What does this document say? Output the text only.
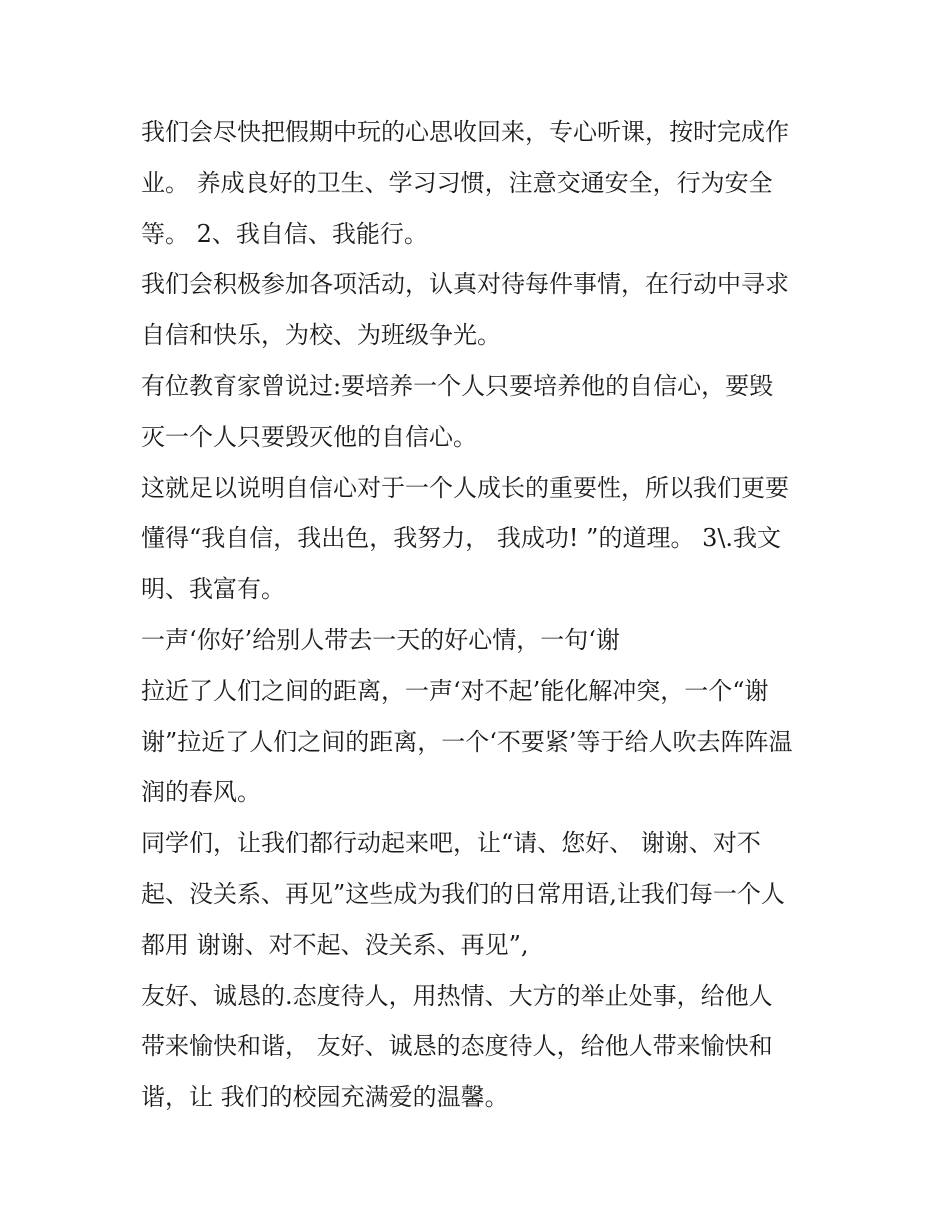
我们会尽快把假期中玩的心思收回来，专心听课，按时完成作
业。 养成良好的卫生、学习习惯，注意交通安全，行为安全
等。 2、我自信、我能行。
我们会积极参加各项活动，认真对待每件事情，在行动中寻求
自信和快乐，为校、为班级争光。
有位教育家曾说过:要培养一个人只要培养他的自信心，要毁
灭一个人只要毁灭他的自信心。
这就足以说明自信心对于一个人成长的重要性，所以我们更要
懂得“我自信，我出色，我努力， 我成功! ”的道理。 3\.我文
明、我富有。
一声‘你好’给别人带去一天的好心情，一句‘谢
拉近了人们之间的距离，一声‘对不起’能化解冲突，一个“谢
谢”拉近了人们之间的距离，一个‘不要紧’等于给人吹去阵阵温
润的春风。
同学们，让我们都行动起来吧，让“请、您好、 谢谢、对不
起、没关系、再见”这些成为我们的日常用语,让我们每一个人
都用 谢谢、对不起、没关系、再见”,
友好、诚恳的.态度待人，用热情、大方的举止处事，给他人
带来愉快和谐， 友好、诚恳的态度待人，给他人带来愉快和
谐，让 我们的校园充满爱的温馨。
